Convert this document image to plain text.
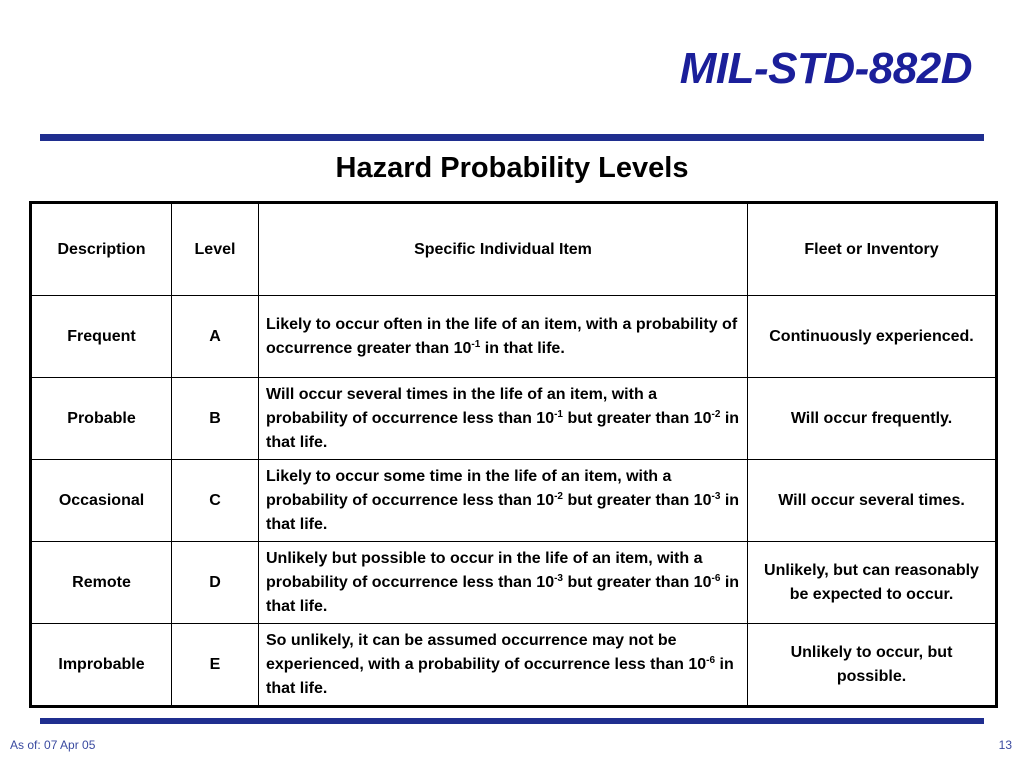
MIL-STD-882D
Hazard Probability Levels
Description	Level	Specific Individual Item	Fleet or Inventory
Frequent	A	Likely to occur often in the life of an item, with a probability of occurrence greater than $10^{-1}$ in that life.	Continuously experienced.
Probable	B	Will occur several times in the life of an item, with a probability of occurrence less than $10^{-1}$ but greater than $10^{-2}$ in that life.	Will occur frequently.
Occasional	C	Likely to occur some time in the life of an item, with a probability of occurrence less than $10^{-2}$ but greater than $10^{-3}$ in that life.	Will occur several times.
Remote	D	Unlikely but possible to occur in the life of an item, with a probability of occurrence less than $10^{-3}$ but greater than $10^{-6}$ in that life.	Unlikely, but can reasonably be expected to occur.
Improbable	E	So unlikely, it can be assumed occurrence may not be experienced, with a probability of occurrence less than $10^{-6}$ in that life.	Unlikely to occur, but possible.
As of: 07 Apr 05	13
